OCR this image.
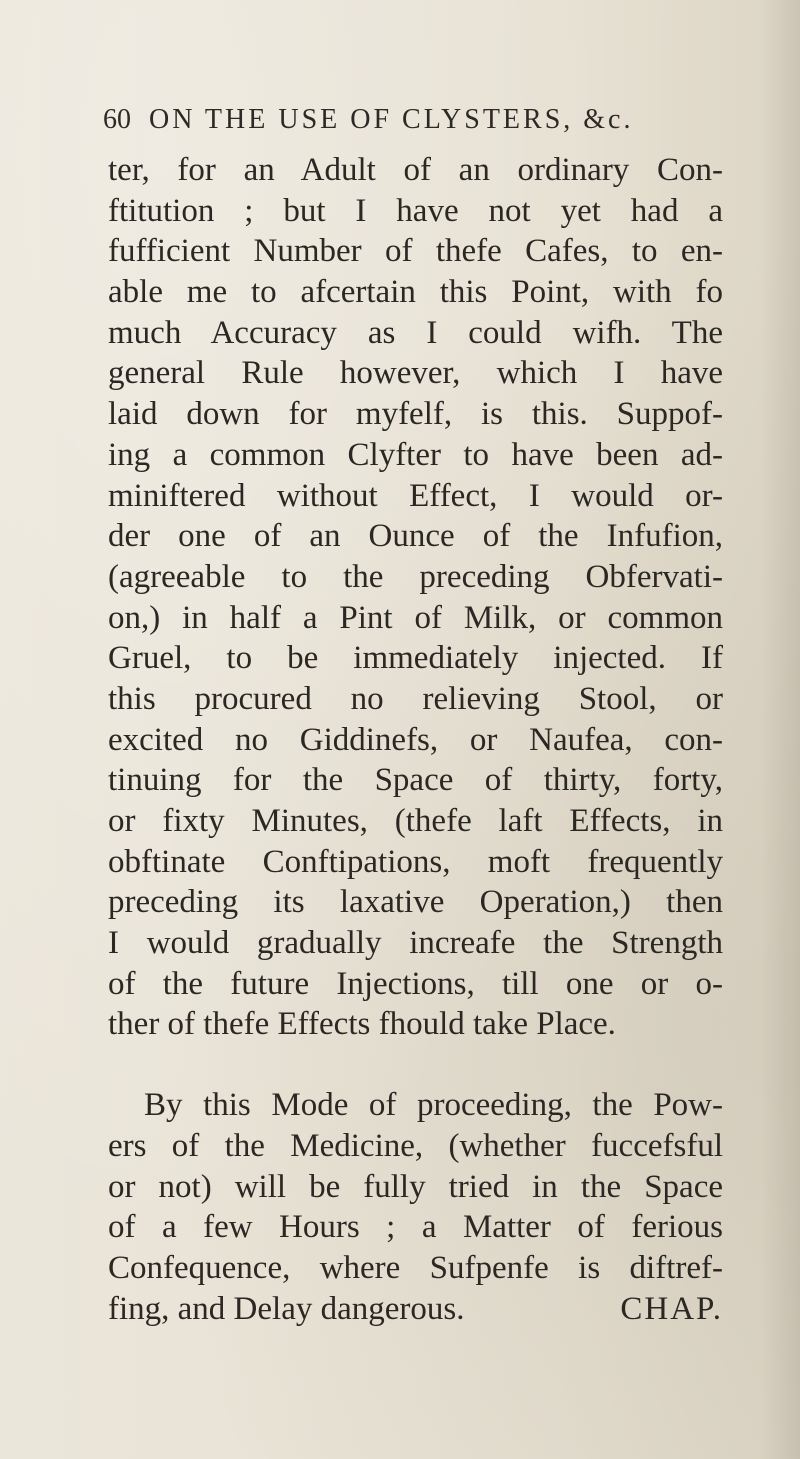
60 ON THE USE OF CLYSTERS, &c.
ter, for an Adult of an ordinary Con-
ftitution ; but I have not yet had a
fufficient Number of thefe Cafes, to en-
able me to afcertain this Point, with fo
much Accuracy as I could wifh. The
general Rule however, which I have
laid down for myfelf, is this. Suppof-
ing a common Clyfter to have been ad-
miniftered without Effect, I would or-
der one of an Ounce of the Infufion,
(agreeable to the preceding Obfervati-
on,) in half a Pint of Milk, or common
Gruel, to be immediately injected. If
this procured no relieving Stool, or
excited no Giddinefs, or Naufea, con-
tinuing for the Space of thirty, forty,
or fixty Minutes, (thefe laft Effects, in
obftinate Conftipations, moft frequently
preceding its laxative Operation,) then
I would gradually increafe the Strength
of the future Injections, till one or o-
ther of thefe Effects fhould take Place.
By this Mode of proceeding, the Pow-
ers of the Medicine, (whether fuccefsful
or not) will be fully tried in the Space
of a few Hours ; a Matter of ferious
Confequence, where Sufpenfe is diftref-
fing, and Delay dangerous.	CHAP.
